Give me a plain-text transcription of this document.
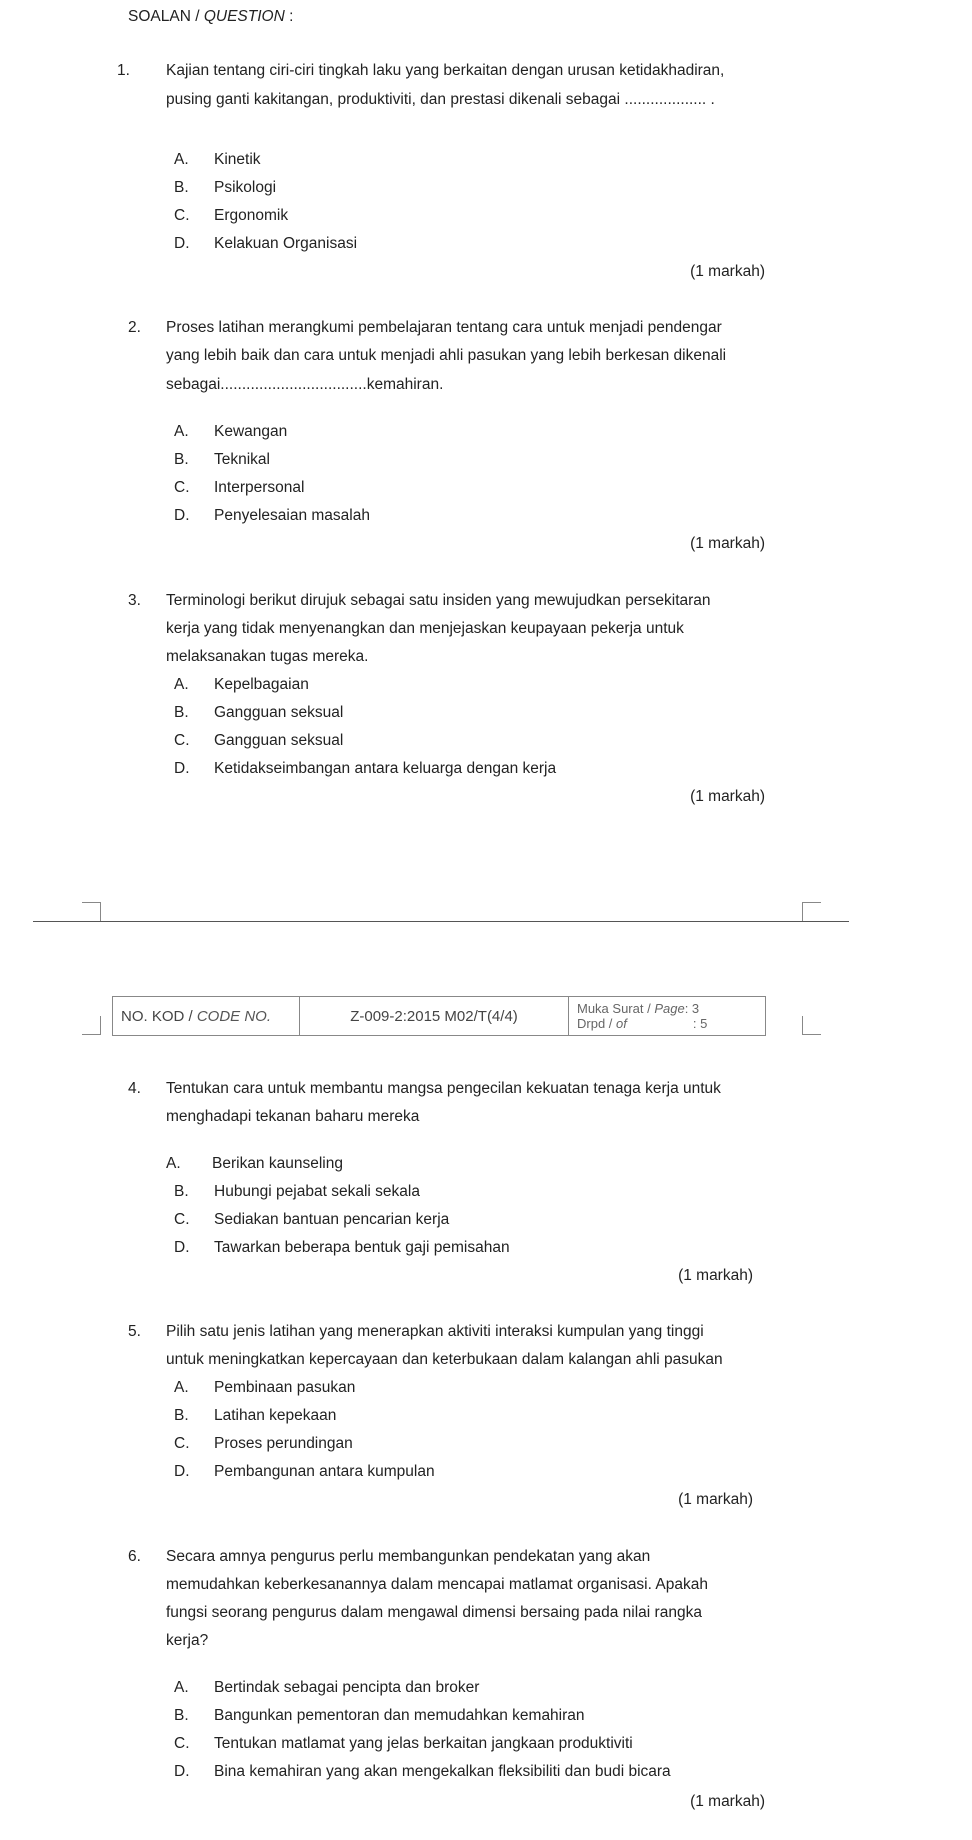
SOALAN / QUESTION :
1. Kajian tentang ciri-ciri tingkah laku yang berkaitan dengan urusan ketidakhadiran,
pusing ganti kakitangan, produktiviti, dan prestasi dikenali sebagai ................... .
A. Kinetik
B. Psikologi
C. Ergonomik
D. Kelakuan Organisasi
(1 markah)
2. Proses latihan merangkumi pembelajaran tentang cara untuk menjadi pendengar
yang lebih baik dan cara untuk menjadi ahli pasukan yang lebih berkesan dikenali
sebagai..................................kemahiran.
A. Kewangan
B. Teknikal
C. Interpersonal
D. Penyelesaian masalah
(1 markah)
3. Terminologi berikut dirujuk sebagai satu insiden yang mewujudkan persekitaran
kerja yang tidak menyenangkan dan menjejaskan keupayaan pekerja untuk
melaksanakan tugas mereka.
A. Kepelbagaian
B. Gangguan seksual
C. Gangguan seksual
D. Ketidakseimbangan antara keluarga dengan kerja
(1 markah)
NO. KOD / CODE NO.	Z-009-2:2015 M02/T(4/4)	Muka Surat / Page: 3
Drpd / of	: 5
4. Tentukan cara untuk membantu mangsa pengecilan kekuatan tenaga kerja untuk
menghadapi tekanan baharu mereka
A. Berikan kaunseling
B. Hubungi pejabat sekali sekala
C. Sediakan bantuan pencarian kerja
D. Tawarkan beberapa bentuk gaji pemisahan
(1 markah)
5. Pilih satu jenis latihan yang menerapkan aktiviti interaksi kumpulan yang tinggi
untuk meningkatkan kepercayaan dan keterbukaan dalam kalangan ahli pasukan
A. Pembinaan pasukan
B. Latihan kepekaan
C. Proses perundingan
D. Pembangunan antara kumpulan
(1 markah)
6. Secara amnya pengurus perlu membangunkan pendekatan yang akan
memudahkan keberkesanannya dalam mencapai matlamat organisasi. Apakah
fungsi seorang pengurus dalam mengawal dimensi bersaing pada nilai rangka
kerja?
A. Bertindak sebagai pencipta dan broker
B. Bangunkan pementoran dan memudahkan kemahiran
C. Tentukan matlamat yang jelas berkaitan jangkaan produktiviti
D. Bina kemahiran yang akan mengekalkan fleksibiliti dan budi bicara
(1 markah)
